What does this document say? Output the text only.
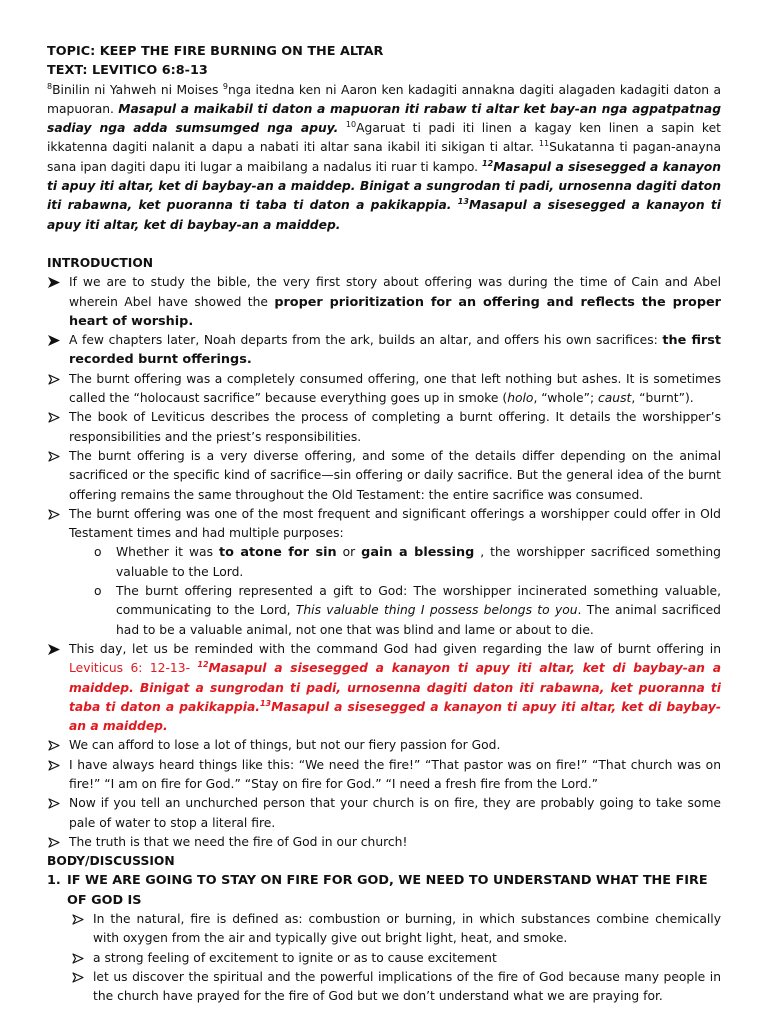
TOPIC: KEEP THE FIRE BURNING ON THE ALTAR
TEXT: LEVITICO 6:8-13
$^8$Binilin ni Yahweh ni Moises $^9$nga itedna ken ni Aaron ken kadagiti annakna dagiti alagaden kadagiti daton a mapuoran. Masapul a maikabil ti daton a mapuoran iti rabaw ti altar ket bay-an nga agpatpatnag sadiay nga adda sumsumged nga apuy. $^{10}$Agaruat ti padi iti linen a kagay ken linen a sapin ket ikkatenna dagiti nalanit a dapu a nabati iti altar sana ikabil iti sikigan ti altar. $^{11}$Sukatanna ti pagan-anayna sana ipan dagiti dapu iti lugar a maibilang a nadalus iti ruar ti kampo. $^{12}$Masapul a sisesegged a kanayon ti apuy iti altar, ket di baybay-an a maiddep. Binigat a sungrodan ti padi, urnosenna dagiti daton iti rabawna, ket puoranna ti taba ti daton a pakikappia. $^{13}$Masapul a sisesegged a kanayon ti apuy iti altar, ket di baybay-an a maiddep.
INTRODUCTION
If we are to study the bible, the very first story about offering was during the time of Cain and Abel wherein Abel have showed the proper prioritization for an offering and reflects the proper heart of worship.
A few chapters later, Noah departs from the ark, builds an altar, and offers his own sacrifices: the first recorded burnt offerings.
The burnt offering was a completely consumed offering, one that left nothing but ashes. It is sometimes called the “holocaust sacrifice” because everything goes up in smoke (holo, “whole”; caust, “burnt”).
The book of Leviticus describes the process of completing a burnt offering. It details the worshipper’s responsibilities and the priest’s responsibilities.
The burnt offering is a very diverse offering, and some of the details differ depending on the animal sacrificed or the specific kind of sacrifice—sin offering or daily sacrifice. But the general idea of the burnt offering remains the same throughout the Old Testament: the entire sacrifice was consumed.
The burnt offering was one of the most frequent and significant offerings a worshipper could offer in Old Testament times and had multiple purposes:
o Whether it was to atone for sin or gain a blessing , the worshipper sacrificed something valuable to the Lord.
o The burnt offering represented a gift to God: The worshipper incinerated something valuable, communicating to the Lord, This valuable thing I possess belongs to you. The animal sacrificed had to be a valuable animal, not one that was blind and lame or about to die.
This day, let us be reminded with the command God had given regarding the law of burnt offering in Leviticus 6: 12-13- $^{12}$Masapul a sisesegged a kanayon ti apuy iti altar, ket di baybay-an a maiddep. Binigat a sungrodan ti padi, urnosenna dagiti daton iti rabawna, ket puoranna ti taba ti daton a pakikappia.$^{13}$Masapul a sisesegged a kanayon ti apuy iti altar, ket di baybay-an a maiddep.
We can afford to lose a lot of things, but not our fiery passion for God.
I have always heard things like this: “We need the fire!” “That pastor was on fire!” “That church was on fire!” “I am on fire for God.” “Stay on fire for God.” “I need a fresh fire from the Lord.”
Now if you tell an unchurched person that your church is on fire, they are probably going to take some pale of water to stop a literal fire.
The truth is that we need the fire of God in our church!
BODY/DISCUSSION
1. IF WE ARE GOING TO STAY ON FIRE FOR GOD, WE NEED TO UNDERSTAND WHAT THE FIRE OF GOD IS
In the natural, fire is defined as: combustion or burning, in which substances combine chemically with oxygen from the air and typically give out bright light, heat, and smoke.
a strong feeling of excitement to ignite or as to cause excitement
let us discover the spiritual and the powerful implications of the fire of God because many people in the church have prayed for the fire of God but we don’t understand what we are praying for.
